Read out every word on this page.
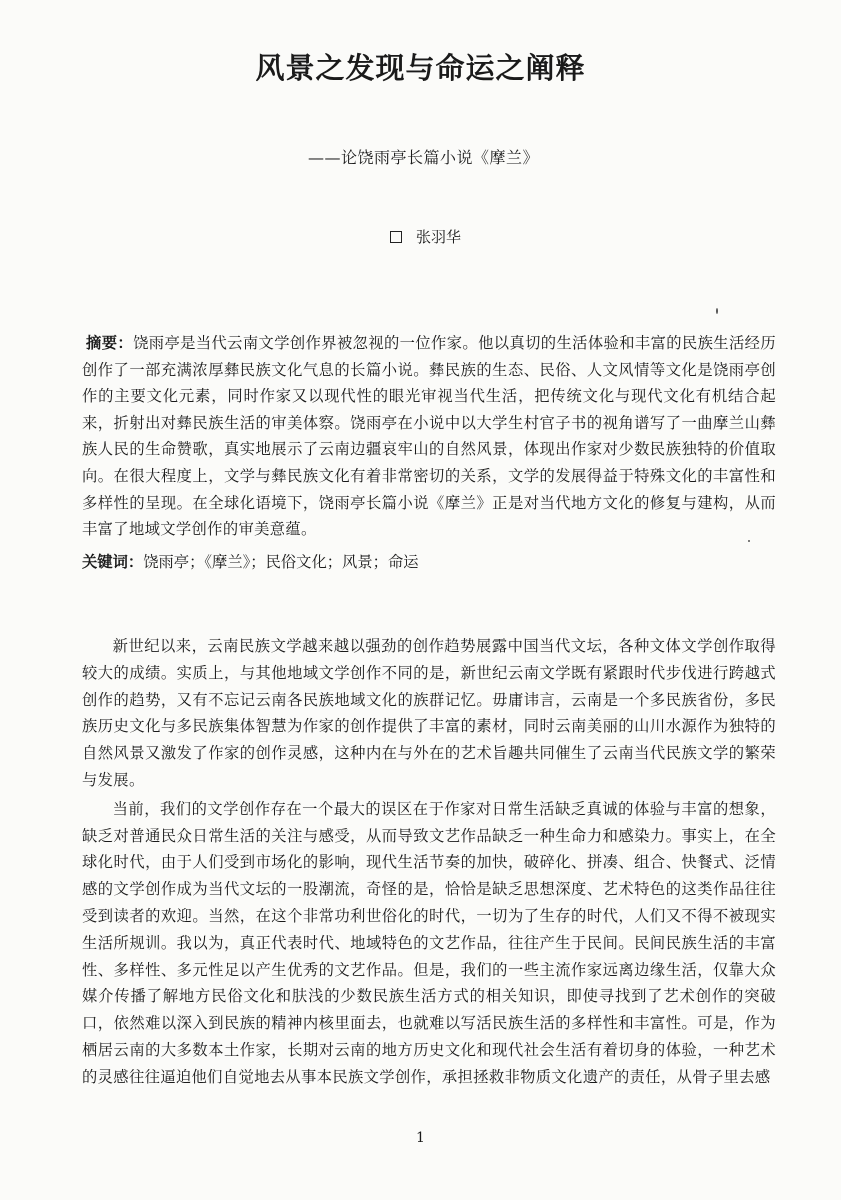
风景之发现与命运之阐释
——论饶雨亭长篇小说《摩兰》
张羽华
摘要：饶雨亭是当代云南文学创作界被忽视的一位作家。他以真切的生活体验和丰富的民族生活经历创作了一部充满浓厚彝民族文化气息的长篇小说。彝民族的生态、民俗、人文风情等文化是饶雨亭创作的主要文化元素，同时作家又以现代性的眼光审视当代生活，把传统文化与现代文化有机结合起来，折射出对彝民族生活的审美体察。饶雨亭在小说中以大学生村官子书的视角谱写了一曲摩兰山彝族人民的生命赞歌，真实地展示了云南边疆哀牢山的自然风景，体现出作家对少数民族独特的价值取向。在很大程度上，文学与彝民族文化有着非常密切的关系，文学的发展得益于特殊文化的丰富性和多样性的呈现。在全球化语境下，饶雨亭长篇小说《摩兰》正是对当代地方文化的修复与建构，从而丰富了地域文学创作的审美意蕴。
关键词：饶雨亭；《摩兰》；民俗文化；风景；命运

新世纪以来，云南民族文学越来越以强劲的创作趋势展露中国当代文坛，各种文体文学创作取得较大的成绩。实质上，与其他地域文学创作不同的是，新世纪云南文学既有紧跟时代步伐进行跨越式创作的趋势，又有不忘记云南各民族地域文化的族群记忆。毋庸讳言，云南是一个多民族省份，多民族历史文化与多民族集体智慧为作家的创作提供了丰富的素材，同时云南美丽的山川水源作为独特的自然风景又激发了作家的创作灵感，这种内在与外在的艺术旨趣共同催生了云南当代民族文学的繁荣与发展。

当前，我们的文学创作存在一个最大的误区在于作家对日常生活缺乏真诚的体验与丰富的想象，缺乏对普通民众日常生活的关注与感受，从而导致文艺作品缺乏一种生命力和感染力。事实上，在全球化时代，由于人们受到市场化的影响，现代生活节奏的加快，破碎化、拼凑、组合、快餐式、泛情感的文学创作成为当代文坛的一股潮流，奇怪的是，恰恰是缺乏思想深度、艺术特色的这类作品往往受到读者的欢迎。当然，在这个非常功利世俗化的时代，一切为了生存的时代，人们又不得不被现实生活所规训。我以为，真正代表时代、地域特色的文艺作品，往往产生于民间。民间民族生活的丰富性、多样性、多元性足以产生优秀的文艺作品。但是，我们的一些主流作家远离边缘生活，仅靠大众媒介传播了解地方民俗文化和肤浅的少数民族生活方式的相关知识，即使寻找到了艺术创作的突破口，依然难以深入到民族的精神内核里面去，也就难以写活民族生活的多样性和丰富性。可是，作为栖居云南的大多数本土作家，长期对云南的地方历史文化和现代社会生活有着切身的体验，一种艺术的灵感往往逼迫他们自觉地去从事本民族文学创作，承担拯救非物质文化遗产的责任，从骨子里去感

1
